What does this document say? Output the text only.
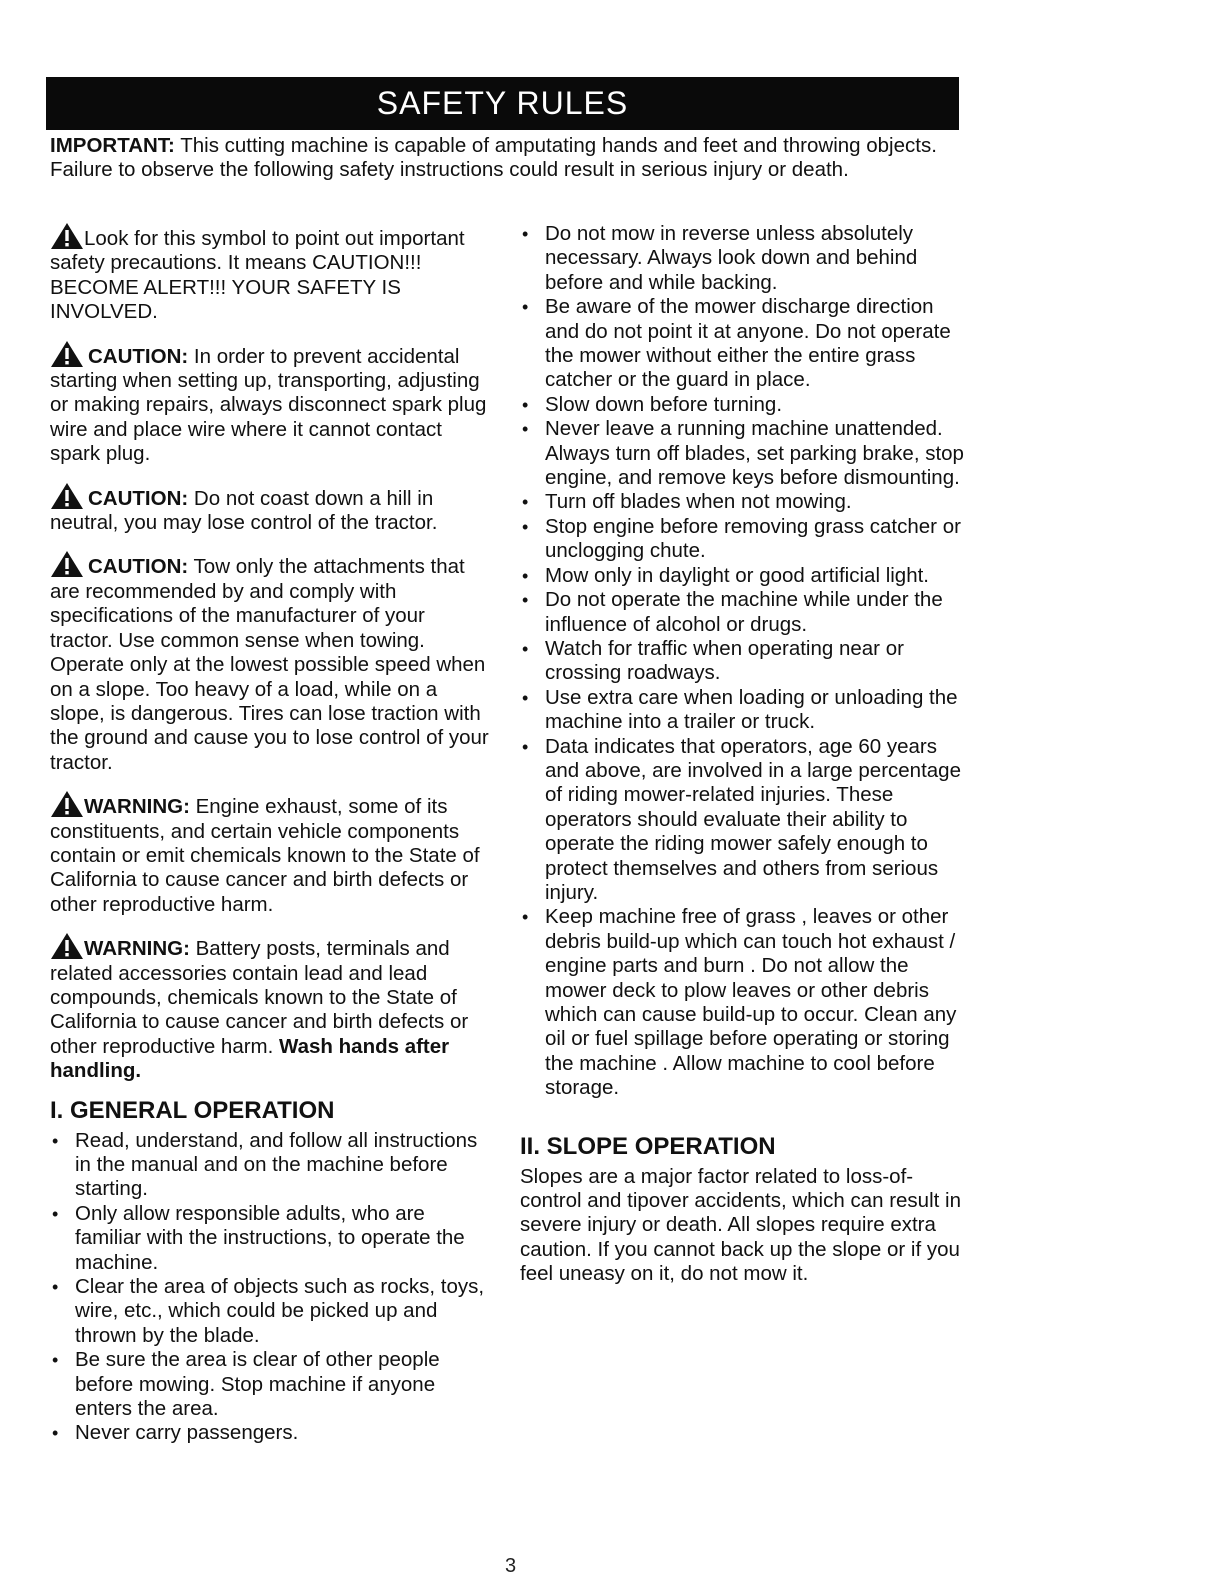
SAFETY RULES
IMPORTANT: This cutting machine is capable of amputating hands and feet and throwing objects. Failure to observe the following safety instructions could result in serious injury or death.

Look for this symbol to point out important safety precautions. It means CAUTION!!! BECOME ALERT!!! YOUR SAFETY IS INVOLVED.

CAUTION: In order to prevent accidental starting when setting up, transporting, adjusting or making repairs, always disconnect spark plug wire and place wire where it cannot contact spark plug.

CAUTION: Do not coast down a hill in neutral, you may lose control of the tractor.

CAUTION: Tow only the attachments that are recommended by and comply with specifications of the manufacturer of your tractor. Use common sense when towing. Operate only at the lowest possible speed when on a slope. Too heavy of a load, while on a slope, is dangerous. Tires can lose traction with the ground and cause you to lose control of your tractor.

WARNING: Engine exhaust, some of its constituents, and certain vehicle components contain or emit chemicals known to the State of California to cause cancer and birth defects or other reproductive harm.

WARNING: Battery posts, terminals and related accessories contain lead and lead compounds, chemicals known to the State of California to cause cancer and birth defects or other reproductive harm. Wash hands after handling.

I. GENERAL OPERATION
• Read, understand, and follow all instructions in the manual and on the machine before starting.
• Only allow responsible adults, who are familiar with the instructions, to operate the machine.
• Clear the area of objects such as rocks, toys, wire, etc., which could be picked up and thrown by the blade.
• Be sure the area is clear of other people before mowing. Stop machine if anyone enters the area.
• Never carry passengers.
• Do not mow in reverse unless absolutely necessary. Always look down and behind before and while backing.
• Be aware of the mower discharge direction and do not point it at anyone. Do not operate the mower without either the entire grass catcher or the guard in place.
• Slow down before turning.
• Never leave a running machine unattended. Always turn off blades, set parking brake, stop engine, and remove keys before dismounting.
• Turn off blades when not mowing.
• Stop engine before removing grass catcher or unclogging chute.
• Mow only in daylight or good artificial light.
• Do not operate the machine while under the influence of alcohol or drugs.
• Watch for traffic when operating near or crossing roadways.
• Use extra care when loading or unloading the machine into a trailer or truck.
• Data indicates that operators, age 60 years and above, are involved in a large percentage of riding mower-related injuries. These operators should evaluate their ability to operate the riding mower safely enough to protect themselves and others from serious injury.
• Keep machine free of grass , leaves or other debris build-up which can touch hot exhaust / engine parts and burn . Do not allow the mower deck to plow leaves or other debris which can cause build-up to occur. Clean any oil or fuel spillage before operating or storing the machine . Allow machine to cool before storage.
II. SLOPE OPERATION

Slopes are a major factor related to loss-of-control and tipover accidents, which can result in severe injury or death. All slopes require extra caution. If you cannot back up the slope or if you feel uneasy on it, do not mow it.

3
